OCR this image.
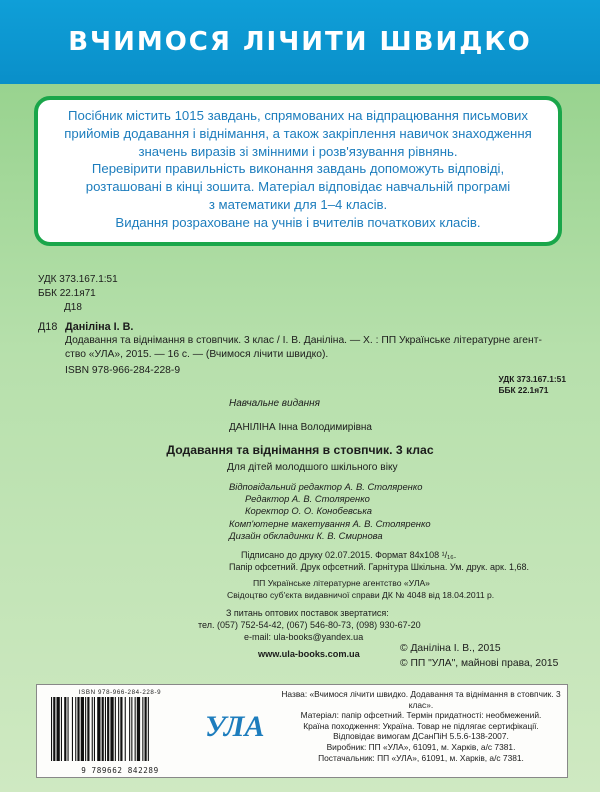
ВЧИМОСЯ ЛІЧИТИ ШВИДКО

Посібник містить 1015 завдань, спрямованих на відпрацювання письмових

прийомів додавання і віднімання, а також закріплення навичок знаходження

значень виразів зі змінними і розв'язування рівнянь.

Перевірити правильність виконання завдань допоможуть відповіді,

розташовані в кінці зошита. Матеріал відповідає навчальній програмі

з математики для 1–4 класів.

Видання розраховане на учнів і вчителів початкових класів.

УДК 373.167.1:51
ББК 22.1я71
Д18
Д18 Даніліна І. В.
Додавання та віднімання в стовпчик. 3 клас / І. В. Даніліна. — Х. : ПП Українське літературне агент-
ство «УЛА», 2015. — 16 с. — (Вчимося лічити швидко).
ISBN 978-966-284-228-9
УДК 373.167.1:51
ББК 22.1я71
Навчальне видання
ДАНІЛІНА Інна Володимирівна
Додавання та віднімання в стовпчик. 3 клас
Для дітей молодшого шкільного віку
Відповідальний редактор А. В. Столяренко
Редактор А. В. Столяренко
Коректор О. О. Конобевська
Комп'ютерне макетування А. В. Столяренко
Дизайн обкладинки К. В. Смирнова
Підписано до друку 02.07.2015. Формат 84x108 ¹/₁₆.
Папір офсетний. Друк офсетний. Гарнітура Шкільна. Ум. друк. арк. 1,68.
ПП Українське літературне агентство «УЛА»
Свідоцтво суб'єкта видавничої справи ДК № 4048 від 18.04.2011 р.
З питань оптових поставок звертатися:
тел. (057) 752-54-42, (067) 546-80-73, (098) 930-67-20
e-mail: ula-books@yandex.ua
www.ula-books.com.ua	© Даніліна І. В., 2015
© ПП "УЛА", майнові права, 2015
ISBN 978-966-284-228-9
9 789662 842289
УЛА
Назва: «Вчимося лічити швидко. Додавання та віднімання в стовпчик. 3 клас».
Матеріал: папір офсетний. Термін придатності: необмежений.
Країна походження: Україна. Товар не підлягає сертифікації.
Відповідає вимогам ДСанПіН 5.5.6-138-2007.
Виробник: ПП «УЛА», 61091, м. Харків, а/с 7381.
Постачальник: ПП «УЛА», 61091, м. Харків, а/с 7381.
